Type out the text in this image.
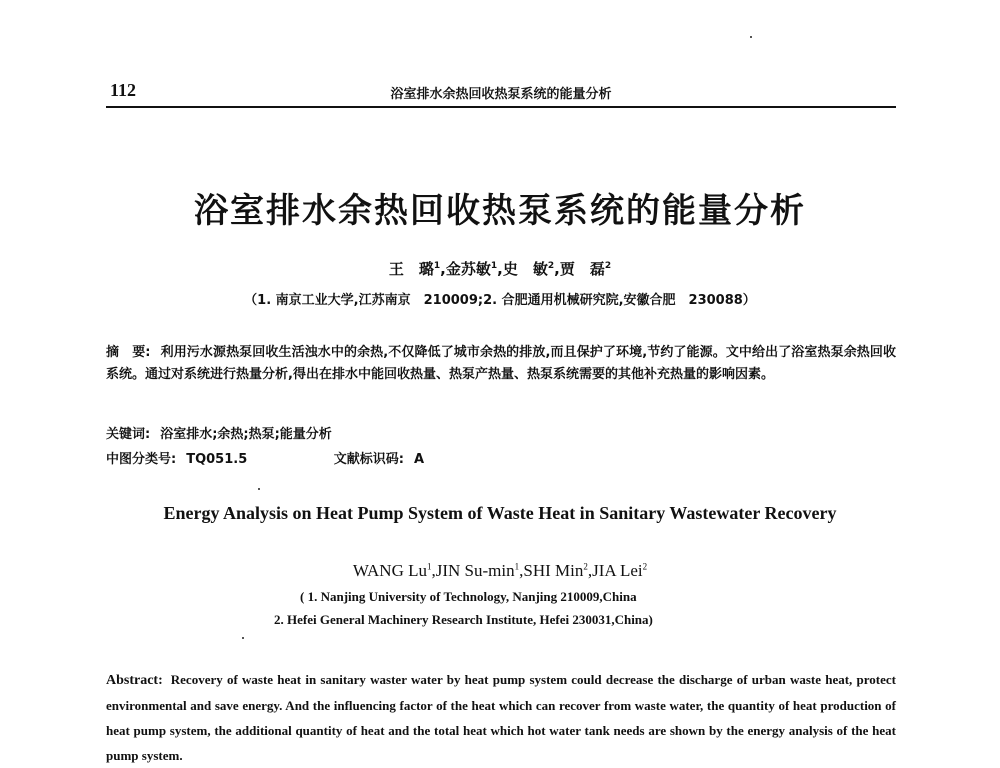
112	浴室排水余热回收热泵系统的能量分析
浴室排水余热回收热泵系统的能量分析
王　璐$^1$,金苏敏$^1$,史　敏$^2$,贾　磊$^2$
（1. 南京工业大学,江苏南京　210009;2. 合肥通用机械研究院,安徽合肥　230088）
摘　要: 利用污水源热泵回收生活浊水中的余热,不仅降低了城市余热的排放,而且保护了环境,节约了能源。文中给出了浴室热泵余热回收系统。通过对系统进行热量分析,得出在排水中能回收热量、热泵产热量、热泵系统需要的其他补充热量的影响因素。
关键词: 浴室排水;余热;热泵;能量分析
中图分类号: TQ051.5	文献标识码: A
Energy Analysis on Heat Pump System of Waste Heat in Sanitary Wastewater Recovery
WANG Lu$^1$,JIN $Su-\min^1,SHI$ Min$^2$,JIA Lei$^2$
( 1. Nanjing University of Technology, Nanjing 210009,China
2. Hefei General Machinery Research Institute, Hefei 230031,China)
Abstract: Recovery of waste heat in sanitary waster water by heat pump system could decrease the discharge of urban waste heat, protect environmental and save energy. And the influencing factor of the heat which can recover from waste water, the quantity of heat production of heat pump system, the additional quantity of heat and the total heat which hot water tank needs are shown by the energy analysis of the heat pump system.
